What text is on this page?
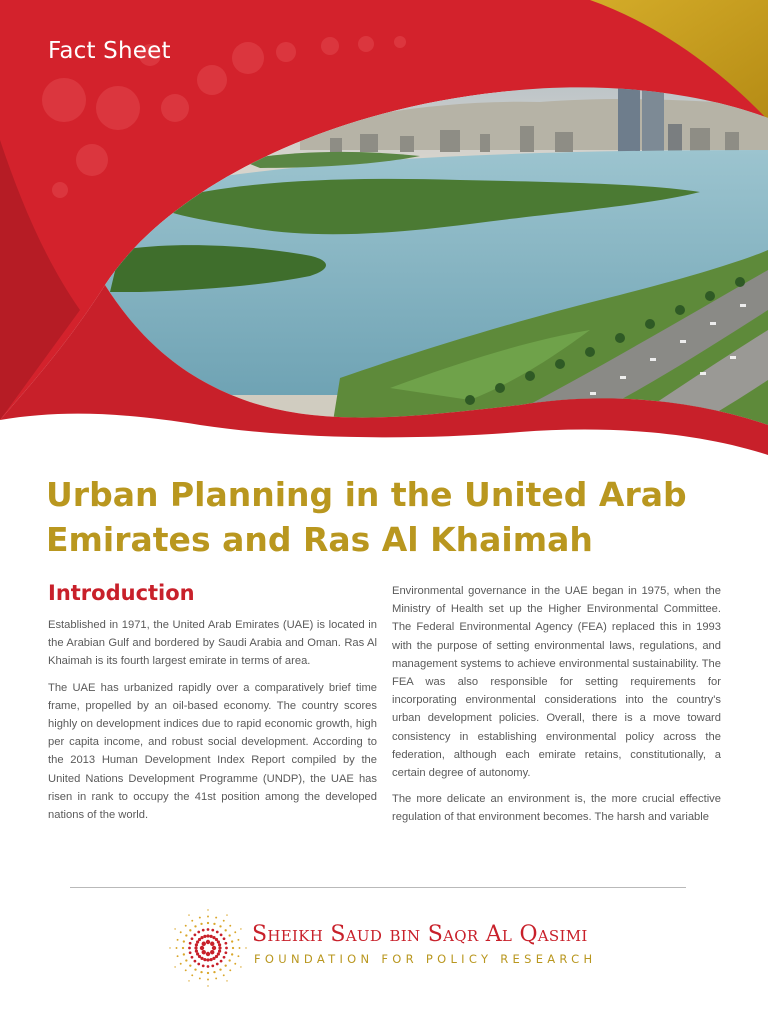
Fact Sheet
Urban Planning in the United Arab Emirates and Ras Al Khaimah
Introduction

Established in 1971, the United Arab Emirates (UAE) is located in the Arabian Gulf and bordered by Saudi Arabia and Oman. Ras Al Khaimah is its fourth largest emirate in terms of area.

The UAE has urbanized rapidly over a comparatively brief time frame, propelled by an oil-based economy. The country scores highly on development indices due to rapid economic growth, high per capita income, and robust social development. According to the 2013 Human Development Index Report compiled by the United Nations Development Programme (UNDP), the UAE has risen in rank to occupy the 41st position among the developed nations of the world.

Environmental governance in the UAE began in 1975, when the Ministry of Health set up the Higher Environmental Committee. The Federal Environmental Agency (FEA) replaced this in 1993 with the purpose of setting environmental laws, regulations, and management systems to achieve environmental sustainability. The FEA was also responsible for setting requirements for incorporating environmental considerations into the country's urban development policies. Overall, there is a move toward consistency in establishing environmental policy across the federation, although each emirate retains, constitutionally, a certain degree of autonomy.

The more delicate an environment is, the more crucial effective regulation of that environment becomes. The harsh and variable

Sheikh Saud bin Saqr Al Qasimi
FOUNDATION FOR POLICY RESEARCH
